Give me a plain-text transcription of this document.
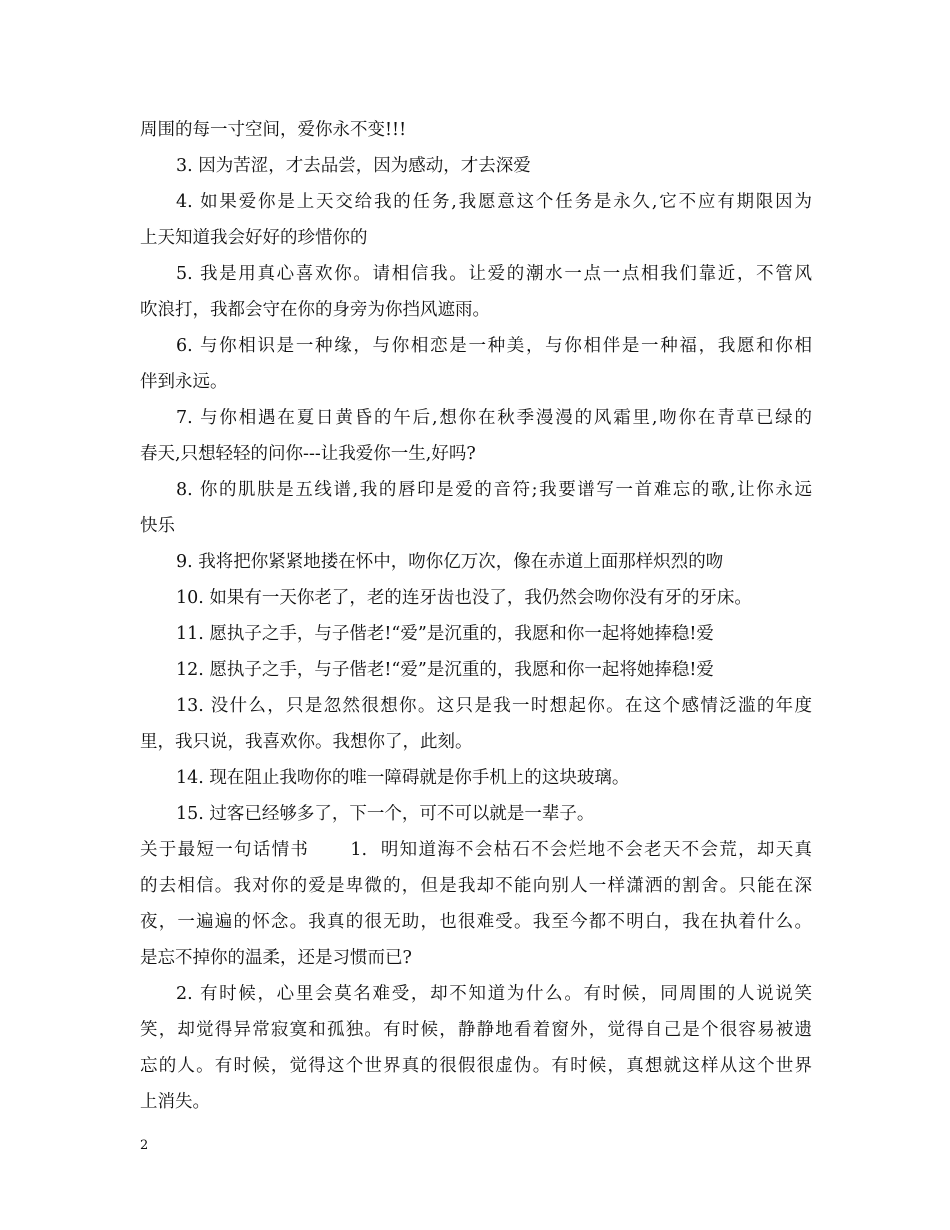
周围的每一寸空间，爱你永不变!!!
3. 因为苦涩，才去品尝，因为感动，才去深爱
4. 如果爱你是上天交给我的任务,我愿意这个任务是永久,它不应有期限因为
上天知道我会好好的珍惜你的
5. 我是用真心喜欢你。请相信我。让爱的潮水一点一点相我们靠近，不管风
吹浪打，我都会守在你的身旁为你挡风遮雨。
6. 与你相识是一种缘，与你相恋是一种美，与你相伴是一种福，我愿和你相
伴到永远。
7. 与你相遇在夏日黄昏的午后,想你在秋季漫漫的风霜里,吻你在青草已绿的
春天,只想轻轻的问你---让我爱你一生,好吗?
8. 你的肌肤是五线谱,我的唇印是爱的音符;我要谱写一首难忘的歌,让你永远
快乐
9. 我将把你紧紧地搂在怀中，吻你亿万次，像在赤道上面那样炽烈的吻
10. 如果有一天你老了，老的连牙齿也没了，我仍然会吻你没有牙的牙床。
11. 愿执子之手，与子偕老!“爱”是沉重的，我愿和你一起将她捧稳!爱
12. 愿执子之手，与子偕老!“爱”是沉重的，我愿和你一起将她捧稳!爱
13. 没什么，只是忽然很想你。这只是我一时想起你。在这个感情泛滥的年度
里，我只说，我喜欢你。我想你了，此刻。
14. 现在阻止我吻你的唯一障碍就是你手机上的这块玻璃。
15. 过客已经够多了，下一个，可不可以就是一辈子。
关于最短一句话情书      1.  明知道海不会枯石不会烂地不会老天不会荒，却天真
的去相信。我对你的爱是卑微的，但是我却不能向别人一样潇洒的割舍。只能在深
夜，一遍遍的怀念。我真的很无助，也很难受。我至今都不明白，我在执着什么。
是忘不掉你的温柔，还是习惯而已?
2. 有时候，心里会莫名难受，却不知道为什么。有时候，同周围的人说说笑
笑，却觉得异常寂寞和孤独。有时候，静静地看着窗外，觉得自己是个很容易被遗
忘的人。有时候，觉得这个世界真的很假很虚伪。有时候，真想就这样从这个世界
上消失。
2
